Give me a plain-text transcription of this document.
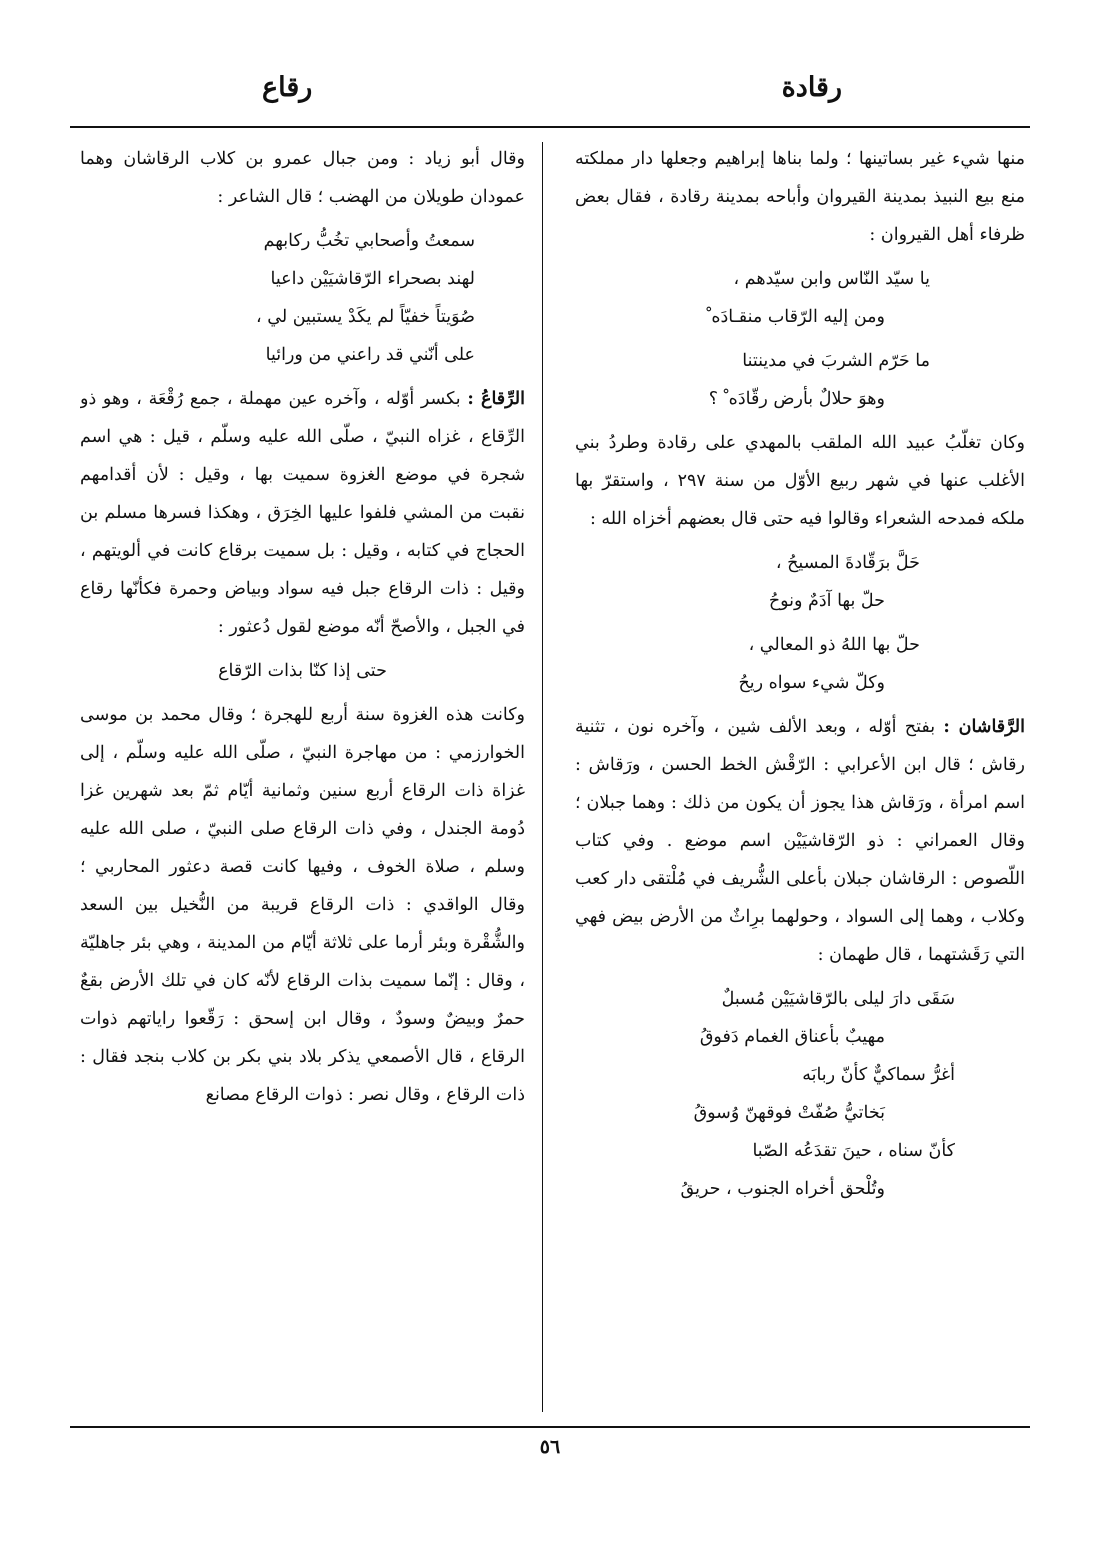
رقادة
رقاع

منها شيء غير بساتينها ؛ ولما بناها إبراهيم وجعلها دار مملكته منع بيع النبيذ بمدينة القيروان وأباحه بمدينة رقادة ، فقال بعض ظرفاء أهل القيروان :

يا سيّد النّاس وابن سيّدهم ،

ومن إليه الرّقاب منقـادَه ْ

ما حَرّم الشربَ في مدينتنا

وهوَ حلالٌ بأرض رقّادَه ْ ؟

وكان تغلّبُ عبيد الله الملقب بالمهدي على رقادة وطردُ بني الأغلب عنها في شهر ربيع الأوّل من سنة ٢٩٧ ، واستقرّ بها ملكه فمدحه الشعراء وقالوا فيه حتى قال بعضهم أخزاه الله :

حَلَّ برَقّادةَ المسيحُ ،

حلّ بها آدَمٌ ونوحُ

حلّ بها اللهُ ذو المعالي ،

وكلّ شيء سواه ريحُ

الرَّقاشان : بفتح أوّله ، وبعد الألف شين ، وآخره نون ، تثنية رقاش ؛ قال ابن الأعرابي : الرّقْش الخط الحسن ، ورَقاش : اسم امرأة ، ورَقاش هذا يجوز أن يكون من ذلك : وهما جبلان ؛ وقال العمراني : ذو الرّقاشيَيْن اسم موضع . وفي كتاب اللّصوص : الرقاشان جبلان بأعلى الشُّريف في مُلْتقى دار كعب وكلاب ، وهما إلى السواد ، وحولهما برِاثٌ من الأرض بيض فهي التي رَقَشتهما ، قال طهمان :

سَقَى دارَ ليلى بالرّقاشيَيْن مُسبلٌ

مهيبٌ بأعناق الغمام دَفوقُ

أغرُّ سماكيٌّ كأنّ ربابَه

بَخاتيُّ صُفّتْ فوقهنّ وُسوقُ

كأنّ سناه ، حينَ تقدَعُه الصّبا

وتُلْحق أخراه الجنوب ، حريقُ

وقال أبو زياد : ومن جبال عمرو بن كلاب الرقاشان وهما عمودان طويلان من الهضب ؛ قال الشاعر :

سمعتُ وأصحابي تخُبُّ ركابهم

لهند بصحراء الرّقاشيَيْن داعيا

صُوَيتاً خفيّاً لم يكَدْ يستبين لي ،

على أنّني قد راعني من ورائيا

الرِّقاعُ : بكسر أوّله ، وآخره عين مهملة ، جمع رُقْعَة ، وهو ذو الرِّقاع ، غزاه النبيّ ، صلّى الله عليه وسلّم ، قيل : هي اسم شجرة في موضع الغزوة سميت بها ، وقيل : لأن أقدامهم نقبت من المشي فلفوا عليها الخِرَق ، وهكذا فسرها مسلم بن الحجاج في كتابه ، وقيل : بل سميت برقاع كانت في ألويتهم ، وقيل : ذات الرقاع جبل فيه سواد وبياض وحمرة فكأنّها رقاع في الجبل ، والأصحّ أنّه موضع لقول دُعثور :

حتى إذا كنّا بذات الرّقاع

وكانت هذه الغزوة سنة أربع للهجرة ؛ وقال محمد بن موسى الخوارزمي : من مهاجرة النبيّ ، صلّى الله عليه وسلّم ، إلى غزاة ذات الرقاع أربع سنين وثمانية أيّام ثمّ بعد شهرين غزا دُومة الجندل ، وفي ذات الرقاع صلى النبيّ ، صلى الله عليه وسلم ، صلاة الخوف ، وفيها كانت قصة دعثور المحاربي ؛ وقال الواقدي : ذات الرقاع قريبة من النُّخيل بين السعد والشُّقْرة وبئر أرما على ثلاثة أيّام من المدينة ، وهي بئر جاهليّة ، وقال : إنّما سميت بذات الرقاع لأنّه كان في تلك الأرض بقعٌ حمرٌ وبيضٌ وسودٌ ، وقال ابن إسحق : رَقّعوا راياتهم ذوات الرقاع ، قال الأصمعي يذكر بلاد بني بكر بن كلاب بنجد فقال : ذات الرقاع ، وقال نصر : ذوات الرقاع مصانع

٥٦
